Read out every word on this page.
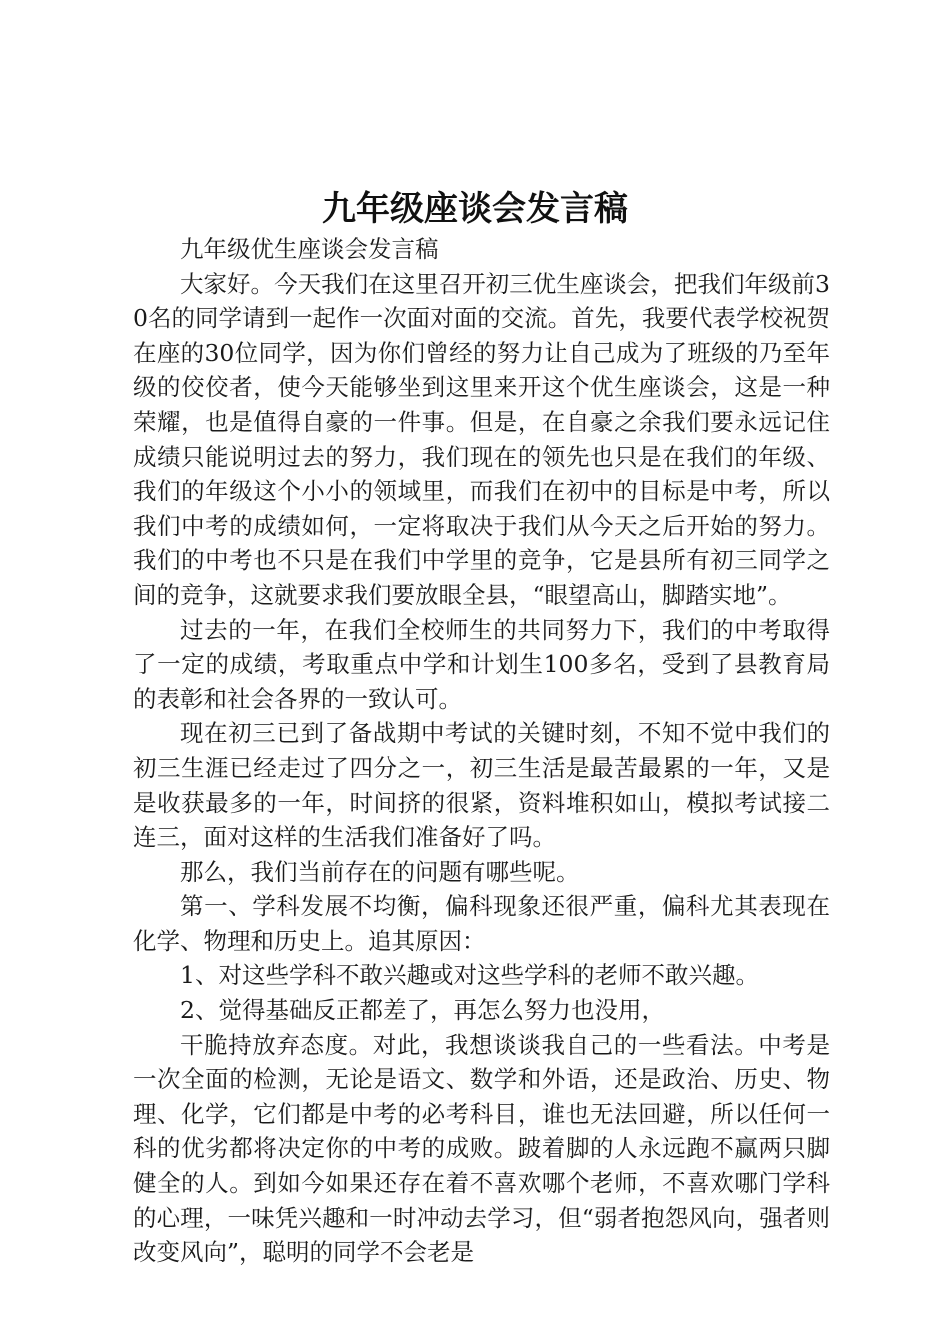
九年级座谈会发言稿

九年级优生座谈会发言稿

大家好。今天我们在这里召开初三优生座谈会，把我们年级前30名的同学请到一起作一次面对面的交流。首先，我要代表学校祝贺在座的30位同学，因为你们曾经的努力让自己成为了班级的乃至年级的佼佼者，使今天能够坐到这里来开这个优生座谈会，这是一种荣耀，也是值得自豪的一件事。但是，在自豪之余我们要永远记住成绩只能说明过去的努力，我们现在的领先也只是在我们的年级、我们的年级这个小小的领域里，而我们在初中的目标是中考，所以我们中考的成绩如何，一定将取决于我们从今天之后开始的努力。我们的中考也不只是在我们中学里的竞争，它是县所有初三同学之间的竞争，这就要求我们要放眼全县，“眼望高山，脚踏实地”。

过去的一年，在我们全校师生的共同努力下，我们的中考取得了一定的成绩，考取重点中学和计划生100多名，受到了县教育局的表彰和社会各界的一致认可。

现在初三已到了备战期中考试的关键时刻，不知不觉中我们的初三生涯已经走过了四分之一，初三生活是最苦最累的一年，又是是收获最多的一年，时间挤的很紧，资料堆积如山，模拟考试接二连三，面对这样的生活我们准备好了吗。

那么，我们当前存在的问题有哪些呢。

第一、学科发展不均衡，偏科现象还很严重，偏科尤其表现在化学、物理和历史上。追其原因：

1、对这些学科不敢兴趣或对这些学科的老师不敢兴趣。

2、觉得基础反正都差了，再怎么努力也没用，

干脆持放弃态度。对此，我想谈谈我自己的一些看法。中考是一次全面的检测，无论是语文、数学和外语，还是政治、历史、物理、化学，它们都是中考的必考科目，谁也无法回避，所以任何一科的优劣都将决定你的中考的成败。跛着脚的人永远跑不赢两只脚健全的人。到如今如果还存在着不喜欢哪个老师，不喜欢哪门学科的心理，一味凭兴趣和一时冲动去学习，但“弱者抱怨风向，强者则改变风向”，聪明的同学不会老是
